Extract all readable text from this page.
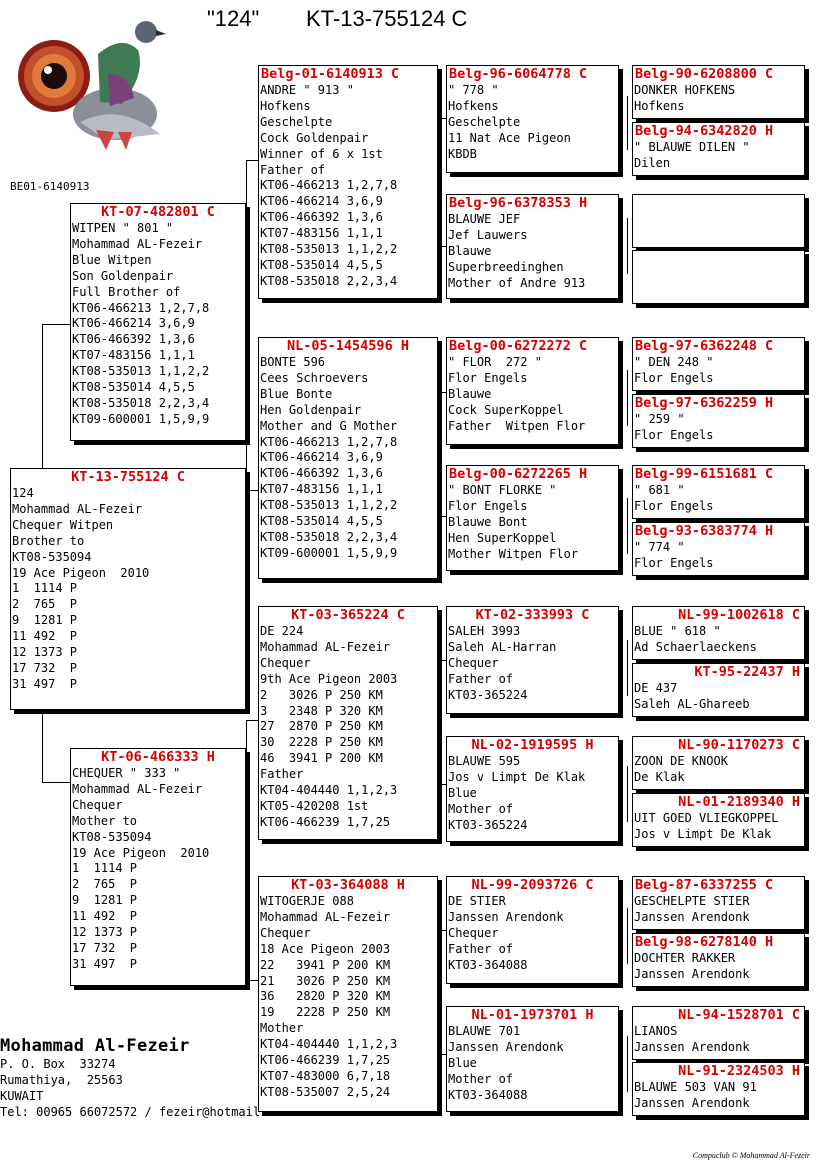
"124" KT-13-755124 C
BE01-6140913
KT-13-755124 C
124
Mohammad AL-Fezeir
Chequer Witpen
Brother to
KT08-535094
19 Ace Pigeon  2010
1  1114 P
2  765  P
9  1281 P
11 492  P
12 1373 P
17 732  P
31 497  P
KT-07-482801 C
WITPEN " 801 "
Mohammad AL-Fezeir
Blue Witpen
Son Goldenpair
Full Brother of
KT06-466213 1,2,7,8
KT06-466214 3,6,9
KT06-466392 1,3,6
KT07-483156 1,1,1
KT08-535013 1,1,2,2
KT08-535014 4,5,5
KT08-535018 2,2,3,4
KT09-600001 1,5,9,9
KT-06-466333 H
CHEQUER " 333 "
Mohammad AL-Fezeir
Chequer
Mother to
KT08-535094
19 Ace Pigeon  2010
1  1114 P
2  765  P
9  1281 P
11 492  P
12 1373 P
17 732  P
31 497  P
Belg-01-6140913 C
ANDRE " 913 "
Hofkens
Geschelpte
Cock Goldenpair
Winner of 6 x 1st
Father of
KT06-466213 1,2,7,8
KT06-466214 3,6,9
KT06-466392 1,3,6
KT07-483156 1,1,1
KT08-535013 1,1,2,2
KT08-535014 4,5,5
KT08-535018 2,2,3,4
NL-05-1454596 H
BONTE 596
Cees Schroevers
Blue Bonte
Hen Goldenpair
Mother and G Mother
KT06-466213 1,2,7,8
KT06-466214 3,6,9
KT06-466392 1,3,6
KT07-483156 1,1,1
KT08-535013 1,1,2,2
KT08-535014 4,5,5
KT08-535018 2,2,3,4
KT09-600001 1,5,9,9
KT-03-365224 C
DE 224
Mohammad AL-Fezeir
Chequer
9th Ace Pigeon 2003
2   3026 P 250 KM
3   2348 P 320 KM
27  2870 P 250 KM
30  2228 P 250 KM
46  3941 P 200 KM
Father
KT04-404440 1,1,2,3
KT05-420208 1st
KT06-466239 1,7,25
KT-03-364088 H
WITOGERJE 088
Mohammad AL-Fezeir
Chequer
18 Ace Pigeon 2003
22   3941 P 200 KM
21   3026 P 250 KM
36   2820 P 320 KM
19   2228 P 250 KM
Mother
KT04-404440 1,1,2,3
KT06-466239 1,7,25
KT07-483000 6,7,18
KT08-535007 2,5,24
Belg-96-6064778 C
" 778 "
Hofkens
Geschelpte
11 Nat Ace Pigeon
KBDB
Belg-96-6378353 H
BLAUWE JEF
Jef Lauwers
Blauwe
Superbreedinghen
Mother of Andre 913
Belg-00-6272272 C
" FLOR  272 "
Flor Engels
Blauwe
Cock SuperKoppel
Father  Witpen Flor
Belg-00-6272265 H
" BONT FLORKE "
Flor Engels
Blauwe Bont
Hen SuperKoppel
Mother Witpen Flor
KT-02-333993 C
SALEH 3993
Saleh AL-Harran
Chequer
Father of
KT03-365224
NL-02-1919595 H
BLAUWE 595
Jos v Limpt De Klak
Blue
Mother of
KT03-365224
NL-99-2093726 C
DE STIER
Janssen Arendonk
Chequer
Father of
KT03-364088
NL-01-1973701 H
BLAUWE 701
Janssen Arendonk
Blue
Mother of
KT03-364088
Belg-90-6208800 C
DONKER HOFKENS
Hofkens
Belg-94-6342820 H
" BLAUWE DILEN "
Dilen
Belg-97-6362248 C
" DEN 248 "
Flor Engels
Belg-97-6362259 H
" 259 "
Flor Engels
Belg-99-6151681 C
" 681 "
Flor Engels
Belg-93-6383774 H
" 774 "
Flor Engels
NL-99-1002618 C
BLUE " 618 "
Ad Schaerlaeckens
KT-95-22437 H
DE 437
Saleh AL-Ghareeb
NL-90-1170273 C
ZOON DE KNOOK
De Klak
NL-01-2189340 H
UIT GOED VLIEGKOPPEL
Jos v Limpt De Klak
Belg-87-6337255 C
GESCHELPTE STIER
Janssen Arendonk
Belg-98-6278140 H
DOCHTER RAKKER
Janssen Arendonk
NL-94-1528701 C
LIANOS
Janssen Arendonk
NL-91-2324503 H
BLAUWE 503 VAN 91
Janssen Arendonk
Mohammad Al-Fezeir
P. O. Box  33274
Rumathiya,  25563
KUWAIT
Tel: 00965 66072572 / fezeir@hotmail.
Compuclub © Mohammad Al-Fezeir
